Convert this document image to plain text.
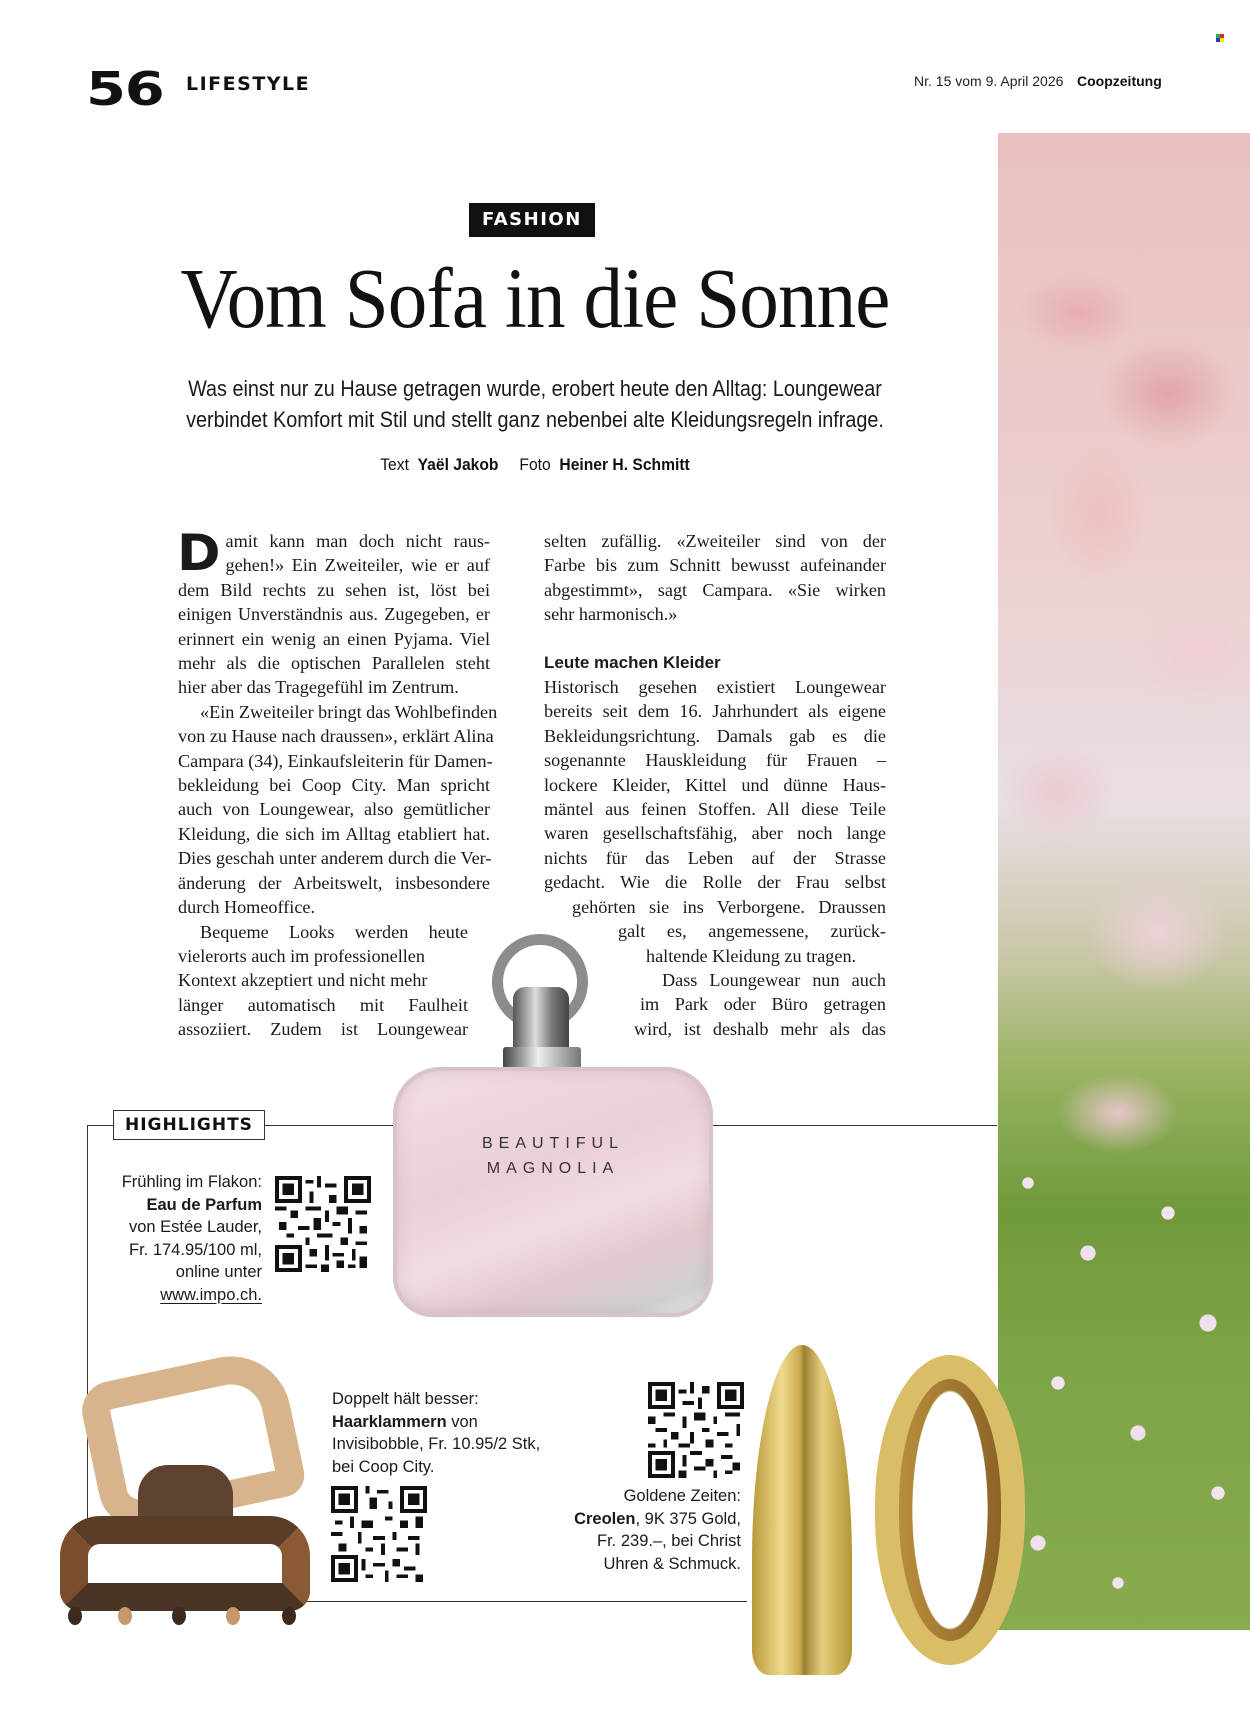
56 LIFESTYLE	Nr. 15 vom 9. April 2026 Coopzeitung
FASHION
Vom Sofa in die Sonne
Was einst nur zu Hause getragen wurde, erobert heute den Alltag: Loungewear verbindet Komfort mit Stil und stellt ganz nebenbei alte Kleidungsregeln infrage.
Text Yaël Jakob Foto Heiner H. Schmitt
D amit kann man doch nicht raus-
gehen!» Ein Zweiteiler, wie er auf
dem Bild rechts zu sehen ist, löst bei
einigen Unverständnis aus. Zugegeben, er
erinnert ein wenig an einen Pyjama. Viel
mehr als die optischen Parallelen steht
hier aber das Tragegefühl im Zentrum.
«Ein Zweiteiler bringt das Wohlbefinden
von zu Hause nach draussen», erklärt Alina
Campara (34), Einkaufsleiterin für Damen-
bekleidung bei Coop City. Man spricht
auch von Loungewear, also gemütlicher
Kleidung, die sich im Alltag etabliert hat.
Dies geschah unter anderem durch die Ver-
änderung der Arbeitswelt, insbesondere
durch Homeoffice.
Bequeme Looks werden heute
vielerorts auch im professionellen
Kontext akzeptiert und nicht mehr
länger automatisch mit Faulheit
assoziiert. Zudem ist Loungewear
selten zufällig. «Zweiteiler sind von der
Farbe bis zum Schnitt bewusst aufeinander
abgestimmt», sagt Campara. «Sie wirken
sehr harmonisch.»
Leute machen Kleider
Historisch gesehen existiert Loungewear
bereits seit dem 16. Jahrhundert als eigene
Bekleidungsrichtung. Damals gab es die
sogenannte Hauskleidung für Frauen –
lockere Kleider, Kittel und dünne Haus-
mäntel aus feinen Stoffen. All diese Teile
waren gesellschaftsfähig, aber noch lange
nichts für das Leben auf der Strasse
gedacht. Wie die Rolle der Frau selbst
gehörten sie ins Verborgene. Draussen
galt es, angemessene, zurück-
haltende Kleidung zu tragen.
Dass Loungewear nun auch
im Park oder Büro getragen
wird, ist deshalb mehr als das
HIGHLIGHTS
BEAUTIFUL
MAGNOLIA
Frühling im Flakon:
Eau de Parfum
von Estée Lauder,
Fr. 174.95/100 ml,
online unter
www.impo.ch.
Doppelt hält besser:
Haarklammern von
Invisibobble, Fr. 10.95/2 Stk,
bei Coop City.
Goldene Zeiten:
Creolen, 9K 375 Gold,
Fr. 239.–, bei Christ
Uhren & Schmuck.
